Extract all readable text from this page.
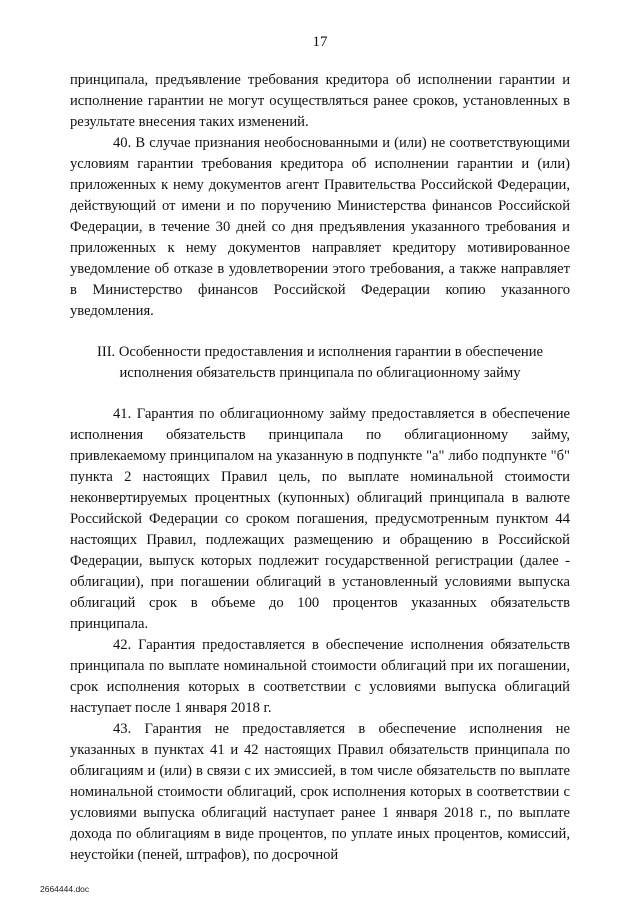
17

принципала, предъявление требования кредитора об исполнении гарантии и исполнение гарантии не могут осуществляться ранее сроков, установленных в результате внесения таких изменений.

40. В случае признания необоснованными и (или) не соответствующими условиям гарантии требования кредитора об исполнении гарантии и (или) приложенных к нему документов агент Правительства Российской Федерации, действующий от имени и по поручению Министерства финансов Российской Федерации, в течение 30 дней со дня предъявления указанного требования и приложенных к нему документов направляет кредитору мотивированное уведомление об отказе в удовлетворении этого требования, а также направляет в Министерство финансов Российской Федерации копию указанного уведомления.

III. Особенности предоставления и исполнения гарантии в обеспечение исполнения обязательств принципала по облигационному займу

41. Гарантия по облигационному займу предоставляется в обеспечение исполнения обязательств принципала по облигационному займу, привлекаемому принципалом на указанную в подпункте "а" либо подпункте "б" пункта 2 настоящих Правил цель, по выплате номинальной стоимости неконвертируемых процентных (купонных) облигаций принципала в валюте Российской Федерации со сроком погашения, предусмотренным пунктом 44 настоящих Правил, подлежащих размещению и обращению в Российской Федерации, выпуск которых подлежит государственной регистрации (далее - облигации), при погашении облигаций в установленный условиями выпуска облигаций срок в объеме до 100 процентов указанных обязательств принципала.

42. Гарантия предоставляется в обеспечение исполнения обязательств принципала по выплате номинальной стоимости облигаций при их погашении, срок исполнения которых в соответствии с условиями выпуска облигаций наступает после 1 января 2018 г.

43. Гарантия не предоставляется в обеспечение исполнения не указанных в пунктах 41 и 42 настоящих Правил обязательств принципала по облигациям и (или) в связи с их эмиссией, в том числе обязательств по выплате номинальной стоимости облигаций, срок исполнения которых в соответствии с условиями выпуска облигаций наступает ранее 1 января 2018 г., по выплате дохода по облигациям в виде процентов, по уплате иных процентов, комиссий, неустойки (пеней, штрафов), по досрочной

2664444.doc
